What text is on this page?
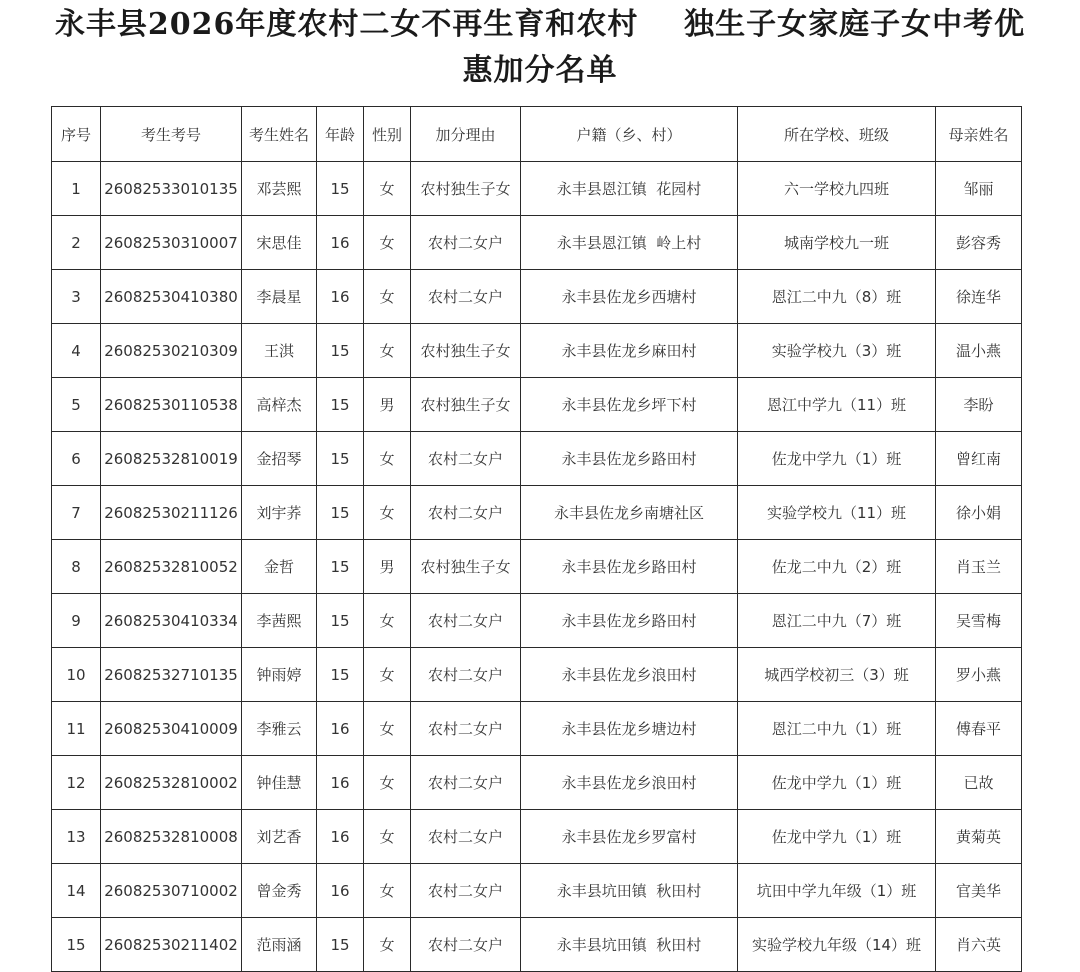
永丰县2026年度农村二女不再生育和农村    独生子女家庭子女中考优
惠加分名单
序号	考生考号	考生姓名	年龄	性别	加分理由	户籍（乡、村）	所在学校、班级	母亲姓名
1	26082533010135	邓芸熙	15	女	农村独生子女	永丰县恩江镇  花园村	六一学校九四班	邹丽
2	26082530310007	宋思佳	16	女	农村二女户	永丰县恩江镇  岭上村	城南学校九一班	彭容秀
3	26082530410380	李晨星	16	女	农村二女户	永丰县佐龙乡西塘村	恩江二中九（8）班	徐连华
4	26082530210309	王淇	15	女	农村独生子女	永丰县佐龙乡麻田村	实验学校九（3）班	温小燕
5	26082530110538	高梓杰	15	男	农村独生子女	永丰县佐龙乡坪下村	恩江中学九（11）班	李盼
6	26082532810019	金招琴	15	女	农村二女户	永丰县佐龙乡路田村	佐龙中学九（1）班	曾红南
7	26082530211126	刘宇荞	15	女	农村二女户	永丰县佐龙乡南塘社区	实验学校九（11）班	徐小娟
8	26082532810052	金哲	15	男	农村独生子女	永丰县佐龙乡路田村	佐龙二中九（2）班	肖玉兰
9	26082530410334	李茜熙	15	女	农村二女户	永丰县佐龙乡路田村	恩江二中九（7）班	吴雪梅
10	26082532710135	钟雨婷	15	女	农村二女户	永丰县佐龙乡浪田村	城西学校初三（3）班	罗小燕
11	26082530410009	李雅云	16	女	农村二女户	永丰县佐龙乡塘边村	恩江二中九（1）班	傅春平
12	26082532810002	钟佳慧	16	女	农村二女户	永丰县佐龙乡浪田村	佐龙中学九（1）班	已故
13	26082532810008	刘艺香	16	女	农村二女户	永丰县佐龙乡罗富村	佐龙中学九（1）班	黄菊英
14	26082530710002	曾金秀	16	女	农村二女户	永丰县坑田镇  秋田村	坑田中学九年级（1）班	官美华
15	26082530211402	范雨涵	15	女	农村二女户	永丰县坑田镇  秋田村	实验学校九年级（14）班	肖六英
